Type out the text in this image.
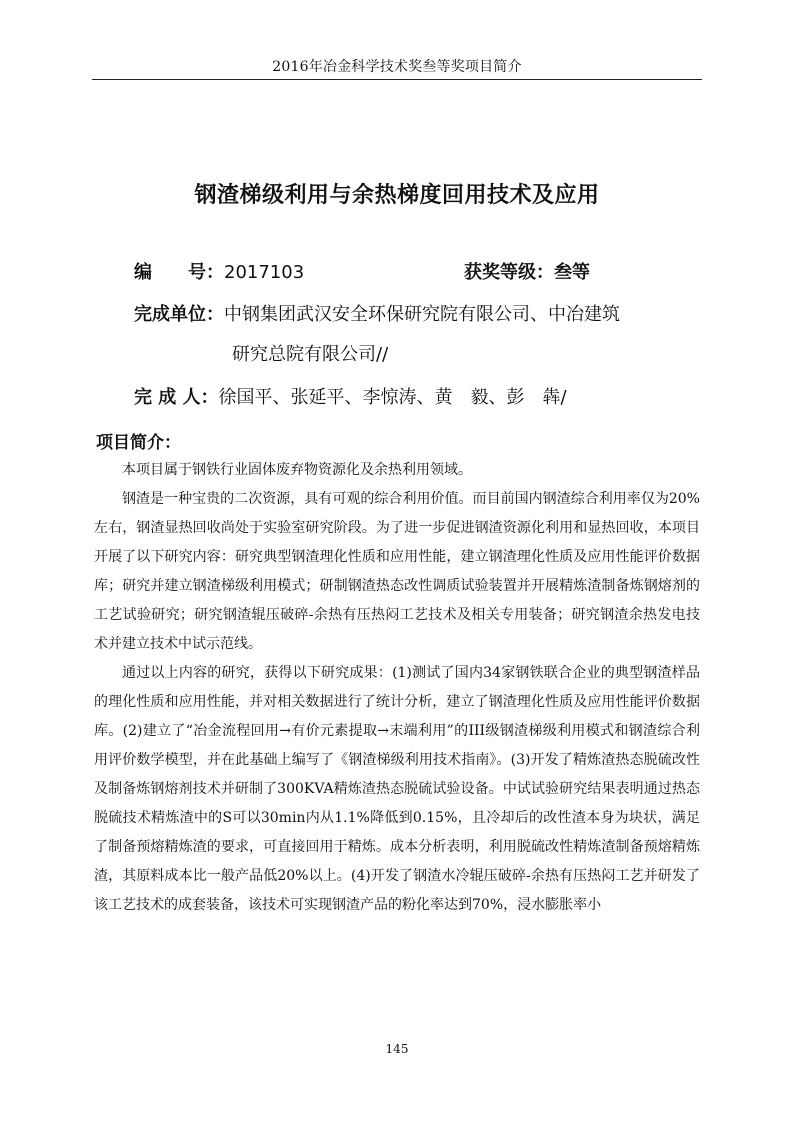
2016年冶金科学技术奖叁等奖项目简介
钢渣梯级利用与余热梯度回用技术及应用
编　　号：2017103	获奖等级：叁等
完成单位：中钢集团武汉安全环保研究院有限公司、中冶建筑
研究总院有限公司//
完 成 人：徐国平、张延平、李惊涛、黄　毅、彭　犇/
项目简介：

本项目属于钢铁行业固体废弃物资源化及余热利用领域。

钢渣是一种宝贵的二次资源，具有可观的综合利用价值。而目前国内钢渣综合利用率仅为20%左右，钢渣显热回收尚处于实验室研究阶段。为了进一步促进钢渣资源化利用和显热回收，本项目开展了以下研究内容：研究典型钢渣理化性质和应用性能，建立钢渣理化性质及应用性能评价数据库；研究并建立钢渣梯级利用模式；研制钢渣热态改性调质试验装置并开展精炼渣制备炼钢熔剂的工艺试验研究；研究钢渣辊压破碎-余热有压热闷工艺技术及相关专用装备；研究钢渣余热发电技术并建立技术中试示范线。

通过以上内容的研究，获得以下研究成果：(1)测试了国内34家钢铁联合企业的典型钢渣样品的理化性质和应用性能，并对相关数据进行了统计分析，建立了钢渣理化性质及应用性能评价数据库。(2)建立了“冶金流程回用→有价元素提取→末端利用”的III级钢渣梯级利用模式和钢渣综合利用评价数学模型，并在此基础上编写了《钢渣梯级利用技术指南》。(3)开发了精炼渣热态脱硫改性及制备炼钢熔剂技术并研制了300KVA精炼渣热态脱硫试验设备。中试试验研究结果表明通过热态脱硫技术精炼渣中的S可以30min内从1.1%降低到0.15%，且冷却后的改性渣本身为块状，满足了制备预熔精炼渣的要求，可直接回用于精炼。成本分析表明，利用脱硫改性精炼渣制备预熔精炼渣，其原料成本比一般产品低20%以上。(4)开发了钢渣水冷辊压破碎-余热有压热闷工艺并研发了该工艺技术的成套装备，该技术可实现钢渣产品的粉化率达到70%，浸水膨胀率小

145
